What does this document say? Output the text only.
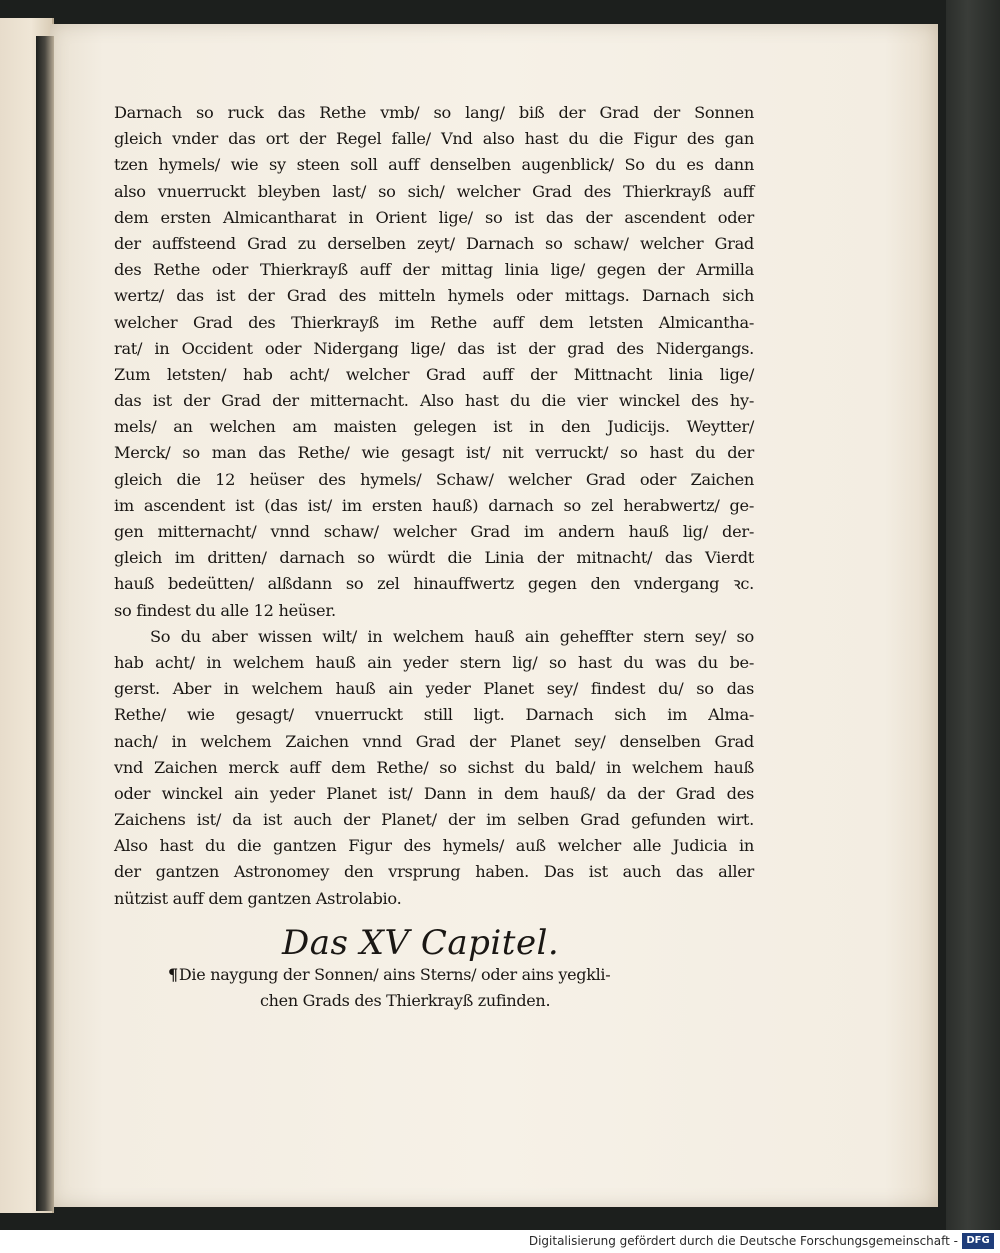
Darnach so ruck das Rethe vmb/ so lang/ biß der Grad der Sonnen
gleich vnder das ort der Regel falle/ Vnd also hast du die Figur des gan
tzen hymels/ wie sy steen soll auff denselben augenblick/ So du es dann
also vnuerruckt bleyben last/ so sich/ welcher Grad des Thierkrayß auff
dem ersten Almicantharat in Orient lige/ so ist das der ascendent oder
der auffsteend Grad zu derselben zeyt/ Darnach so schaw/ welcher Grad
des Rethe oder Thierkrayß auff der mittag linia lige/ gegen der Armilla
wertz/ das ist der Grad des mitteln hymels oder mittags. Darnach sich
welcher Grad des Thierkrayß im Rethe auff dem letsten Almicantha-
rat/ in Occident oder Nidergang lige/ das ist der grad des Nidergangs.
Zum letsten/ hab acht/ welcher Grad auff der Mittnacht linia lige/
das ist der Grad der mitternacht. Also hast du die vier winckel des hy-
mels/ an welchen am maisten gelegen ist in den Judicijs. Weytter/
Merck/ so man das Rethe/ wie gesagt ist/ nit verruckt/ so hast du der
gleich die 12 heüser des hymels/ Schaw/ welcher Grad oder Zaichen
im ascendent ist (das ist/ im ersten hauß) darnach so zel herabwertz/ ge-
gen mitternacht/ vnnd schaw/ welcher Grad im andern hauß lig/ der-
gleich im dritten/ darnach so würdt die Linia der mitnacht/ das Vierdt
hauß bedeütten/ alßdann so zel hinauffwertz gegen den vndergang ꝛc.
so findest du alle 12 heüser.
So du aber wissen wilt/ in welchem hauß ain geheffter stern sey/ so
hab acht/ in welchem hauß ain yeder stern lig/ so hast du was du be-
gerst. Aber in welchem hauß ain yeder Planet sey/ findest du/ so das
Rethe/ wie gesagt/ vnuerruckt still ligt. Darnach sich im Alma-
nach/ in welchem Zaichen vnnd Grad der Planet sey/ denselben Grad
vnd Zaichen merck auff dem Rethe/ so sichst du bald/ in welchem hauß
oder winckel ain yeder Planet ist/ Dann in dem hauß/ da der Grad des
Zaichens ist/ da ist auch der Planet/ der im selben Grad gefunden wirt.
Also hast du die gantzen Figur des hymels/ auß welcher alle Judicia in
der gantzen Astronomey den vrsprung haben. Das ist auch das aller
nützist auff dem gantzen Astrolabio.
Das XV Capitel.
¶Die naygung der Sonnen/ ains Sterns/ oder ains yegkli-
chen Grads des Thierkrayß zufinden.
Digitalisierung gefördert durch die Deutsche Forschungsgemeinschaft - DFG
